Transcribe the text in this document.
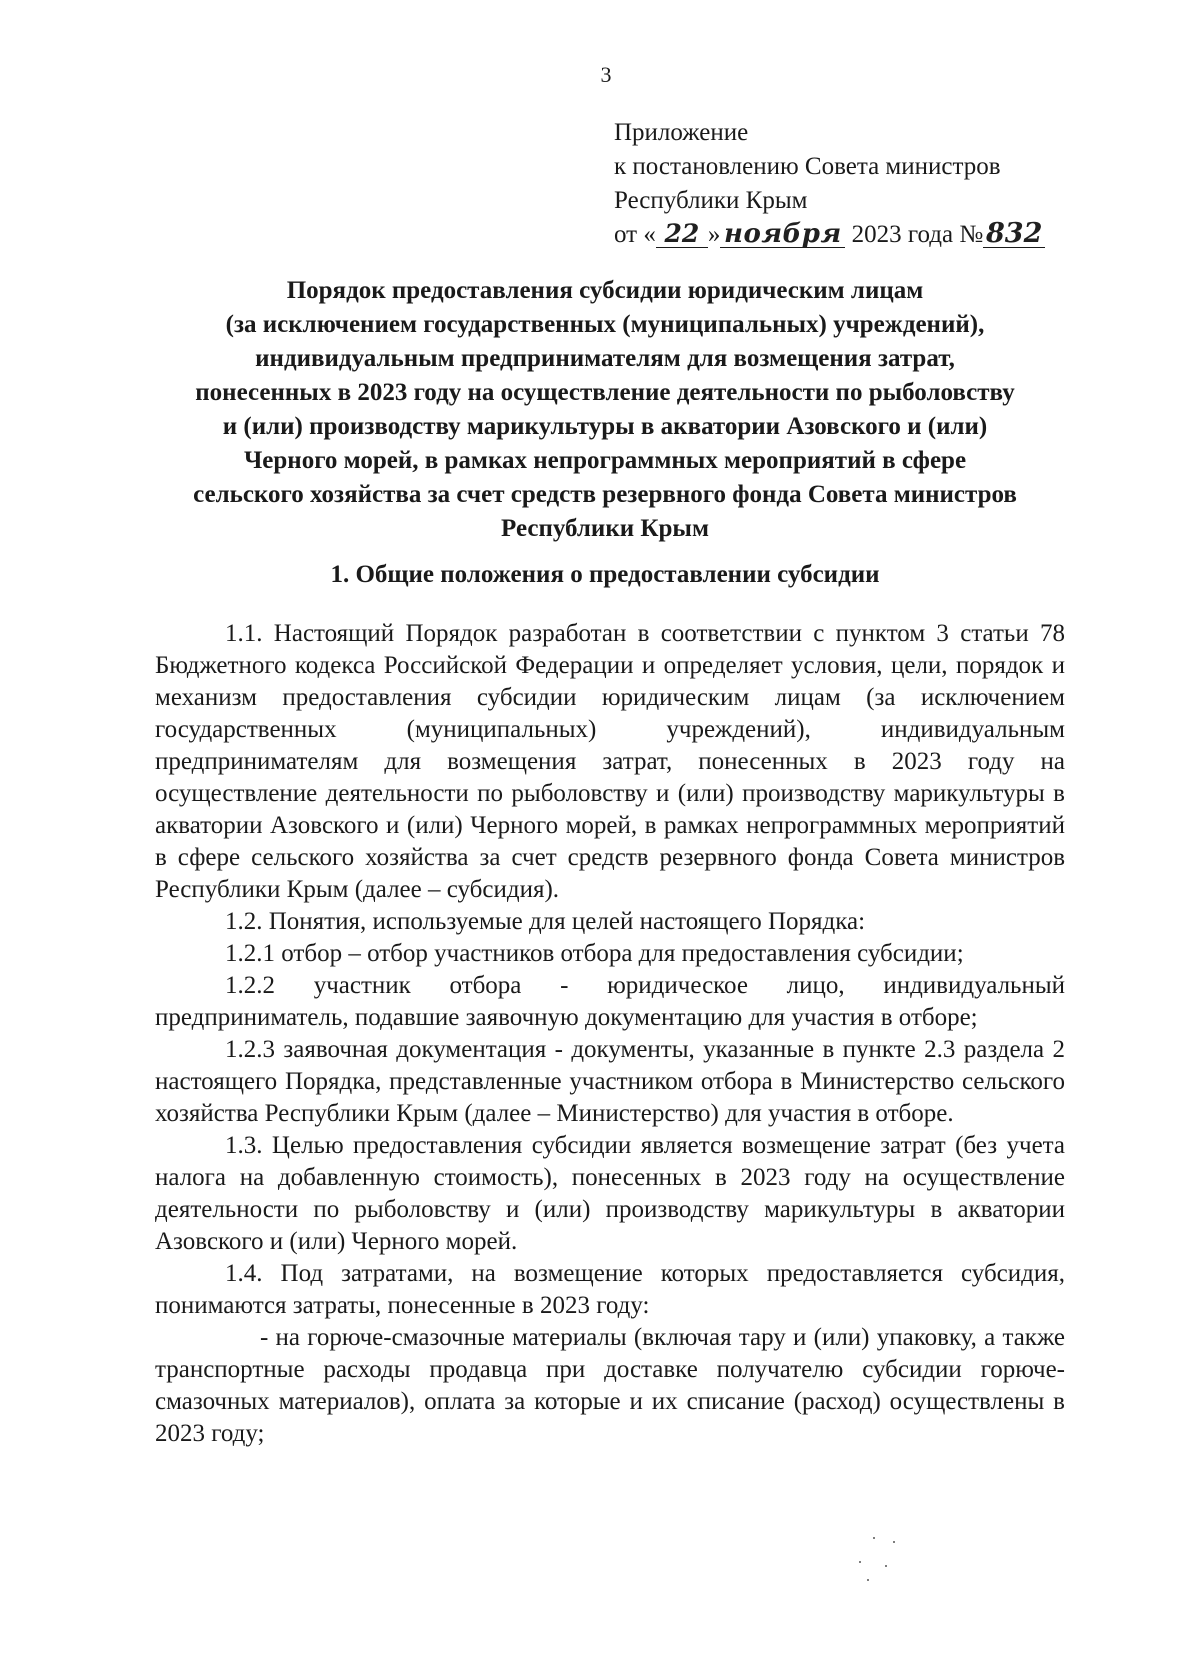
3
Приложение
к постановлению Совета министров
Республики Крым
от « 22 » ноября 2023 года № 832
Порядок предоставления субсидии юридическим лицам
(за исключением государственных (муниципальных) учреждений),
индивидуальным предпринимателям для возмещения затрат,
понесенных в 2023 году на осуществление деятельности по рыболовству
и (или) производству марикультуры в акватории Азовского и (или)
Черного морей, в рамках непрограммных мероприятий в сфере
сельского хозяйства за счет средств резервного фонда Совета министров
Республики Крым
1. Общие положения о предоставлении субсидии
1.1. Настоящий Порядок разработан в соответствии с пунктом 3 статьи 78 Бюджетного кодекса Российской Федерации и определяет условия, цели, порядок и механизм предоставления субсидии юридическим лицам (за исключением государственных (муниципальных) учреждений), индивидуальным предпринимателям для возмещения затрат, понесенных в 2023 году на осуществление деятельности по рыболовству и (или) производству марикультуры в акватории Азовского и (или) Черного морей, в рамках непрограммных мероприятий в сфере сельского хозяйства за счет средств резервного фонда Совета министров Республики Крым (далее – субсидия).
1.2. Понятия, используемые для целей настоящего Порядка:
1.2.1 отбор – отбор участников отбора для предоставления субсидии;
1.2.2 участник отбора - юридическое лицо, индивидуальный предприниматель, подавшие заявочную документацию для участия в отборе;
1.2.3 заявочная документация - документы, указанные в пункте 2.3 раздела 2 настоящего Порядка, представленные участником отбора в Министерство сельского хозяйства Республики Крым (далее – Министерство) для участия в отборе.
1.3. Целью предоставления субсидии является возмещение затрат (без учета налога на добавленную стоимость), понесенных в 2023 году на осуществление деятельности по рыболовству и (или) производству марикультуры в акватории Азовского и (или) Черного морей.
1.4. Под затратами, на возмещение которых предоставляется субсидия, понимаются затраты, понесенные в 2023 году:
- на горюче-смазочные материалы (включая тару и (или) упаковку, а также транспортные расходы продавца при доставке получателю субсидии горюче-смазочных материалов), оплата за которые и их списание (расход) осуществлены в 2023 году;
